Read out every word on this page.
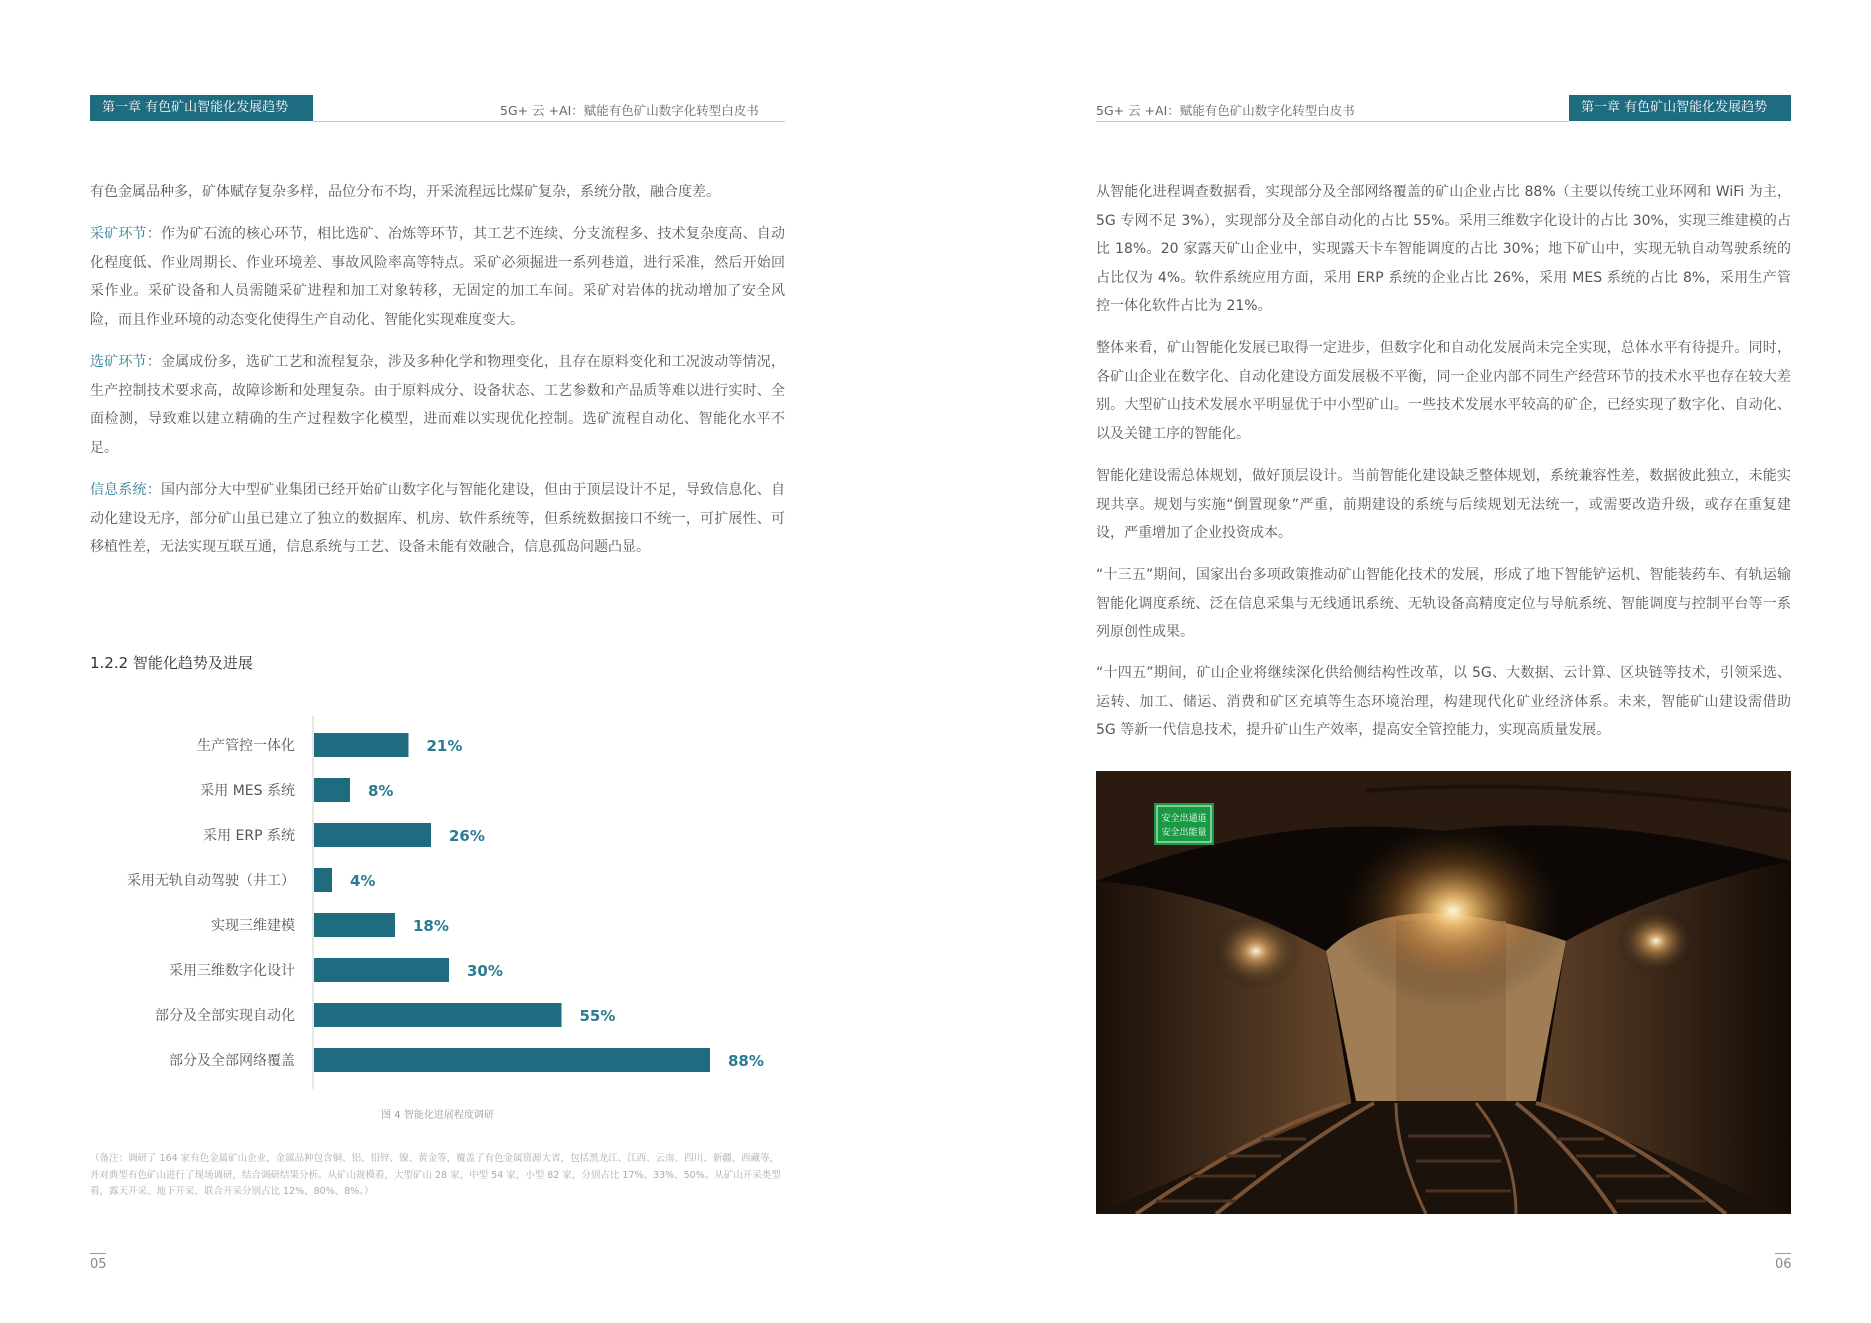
第一章 有色矿山智能化发展趋势	5G+ 云 +AI：赋能有色矿山数字化转型白皮书

有色金属品种多，矿体赋存复杂多样，品位分布不均，开采流程远比煤矿复杂，系统分散，融合度差。

采矿环节：作为矿石流的核心环节，相比选矿、冶炼等环节，其工艺不连续、分支流程多、技术复杂度高、自动化程度低、作业周期长、作业环境差、事故风险率高等特点。采矿必须掘进一系列巷道，进行采准，然后开始回采作业。采矿设备和人员需随采矿进程和加工对象转移，无固定的加工车间。采矿对岩体的扰动增加了安全风险，而且作业环境的动态变化使得生产自动化、智能化实现难度变大。

选矿环节：金属成份多，选矿工艺和流程复杂，涉及多种化学和物理变化，且存在原料变化和工况波动等情况，生产控制技术要求高，故障诊断和处理复杂。由于原料成分、设备状态、工艺参数和产品质等难以进行实时、全面检测，导致难以建立精确的生产过程数字化模型，进而难以实现优化控制。选矿流程自动化、智能化水平不足。

信息系统：国内部分大中型矿业集团已经开始矿山数字化与智能化建设，但由于顶层设计不足，导致信息化、自动化建设无序，部分矿山虽已建立了独立的数据库、机房、软件系统等，但系统数据接口不统一，可扩展性、可移植性差，无法实现互联互通，信息系统与工艺、设备未能有效融合，信息孤岛问题凸显。

1.2.2 智能化趋势及进展
生产管控一体化	21%
采用 MES 系统	8%
采用 ERP 系统	26%
采用无轨自动驾驶（井工）	4%
实现三维建模	18%
采用三维数字化设计	30%
部分及全部实现自动化	55%
部分及全部网络覆盖	88%
图 4 智能化进展程度调研

（备注：调研了 164 家有色金属矿山企业，金属品种包含铜、铝、铅锌、镍、黄金等，覆盖了有色金属资源大省，包括黑龙江、江西、云南、四川、新疆、西藏等，并对典型有色矿山进行了现场调研，结合调研结果分析。从矿山规模看，大型矿山 28 家，中型 54 家，小型 82 家，分别占比 17%、33%、50%。从矿山开采类型看，露天开采、地下开采、联合开采分别占比 12%、80%、8%。）

05
5G+ 云 +AI：赋能有色矿山数字化转型白皮书	第一章 有色矿山智能化发展趋势

从智能化进程调查数据看，实现部分及全部网络覆盖的矿山企业占比 88%（主要以传统工业环网和 WiFi 为主，5G 专网不足 3%），实现部分及全部自动化的占比 55%。采用三维数字化设计的占比 30%，实现三维建模的占比 18%。20 家露天矿山企业中，实现露天卡车智能调度的占比 30%；地下矿山中，实现无轨自动驾驶系统的占比仅为 4%。软件系统应用方面，采用 ERP 系统的企业占比 26%，采用 MES 系统的占比 8%，采用生产管控一体化软件占比为 21%。

整体来看，矿山智能化发展已取得一定进步，但数字化和自动化发展尚未完全实现，总体水平有待提升。同时，各矿山企业在数字化、自动化建设方面发展极不平衡，同一企业内部不同生产经营环节的技术水平也存在较大差别。大型矿山技术发展水平明显优于中小型矿山。一些技术发展水平较高的矿企，已经实现了数字化、自动化、以及关键工序的智能化。

智能化建设需总体规划，做好顶层设计。当前智能化建设缺乏整体规划，系统兼容性差，数据彼此独立，未能实现共享。规划与实施“倒置现象”严重，前期建设的系统与后续规划无法统一，或需要改造升级，或存在重复建设，严重增加了企业投资成本。

“十三五”期间，国家出台多项政策推动矿山智能化技术的发展，形成了地下智能铲运机、智能装药车、有轨运输智能化调度系统、泛在信息采集与无线通讯系统、无轨设备高精度定位与导航系统、智能调度与控制平台等一系列原创性成果。

“十四五”期间，矿山企业将继续深化供给侧结构性改革，以 5G、大数据、云计算、区块链等技术，引领采选、运转、加工、储运、消费和矿区充填等生态环境治理，构建现代化矿业经济体系。未来，智能矿山建设需借助 5G 等新一代信息技术，提升矿山生产效率，提高安全管控能力，实现高质量发展。

安全出通道
安全出能量
06
